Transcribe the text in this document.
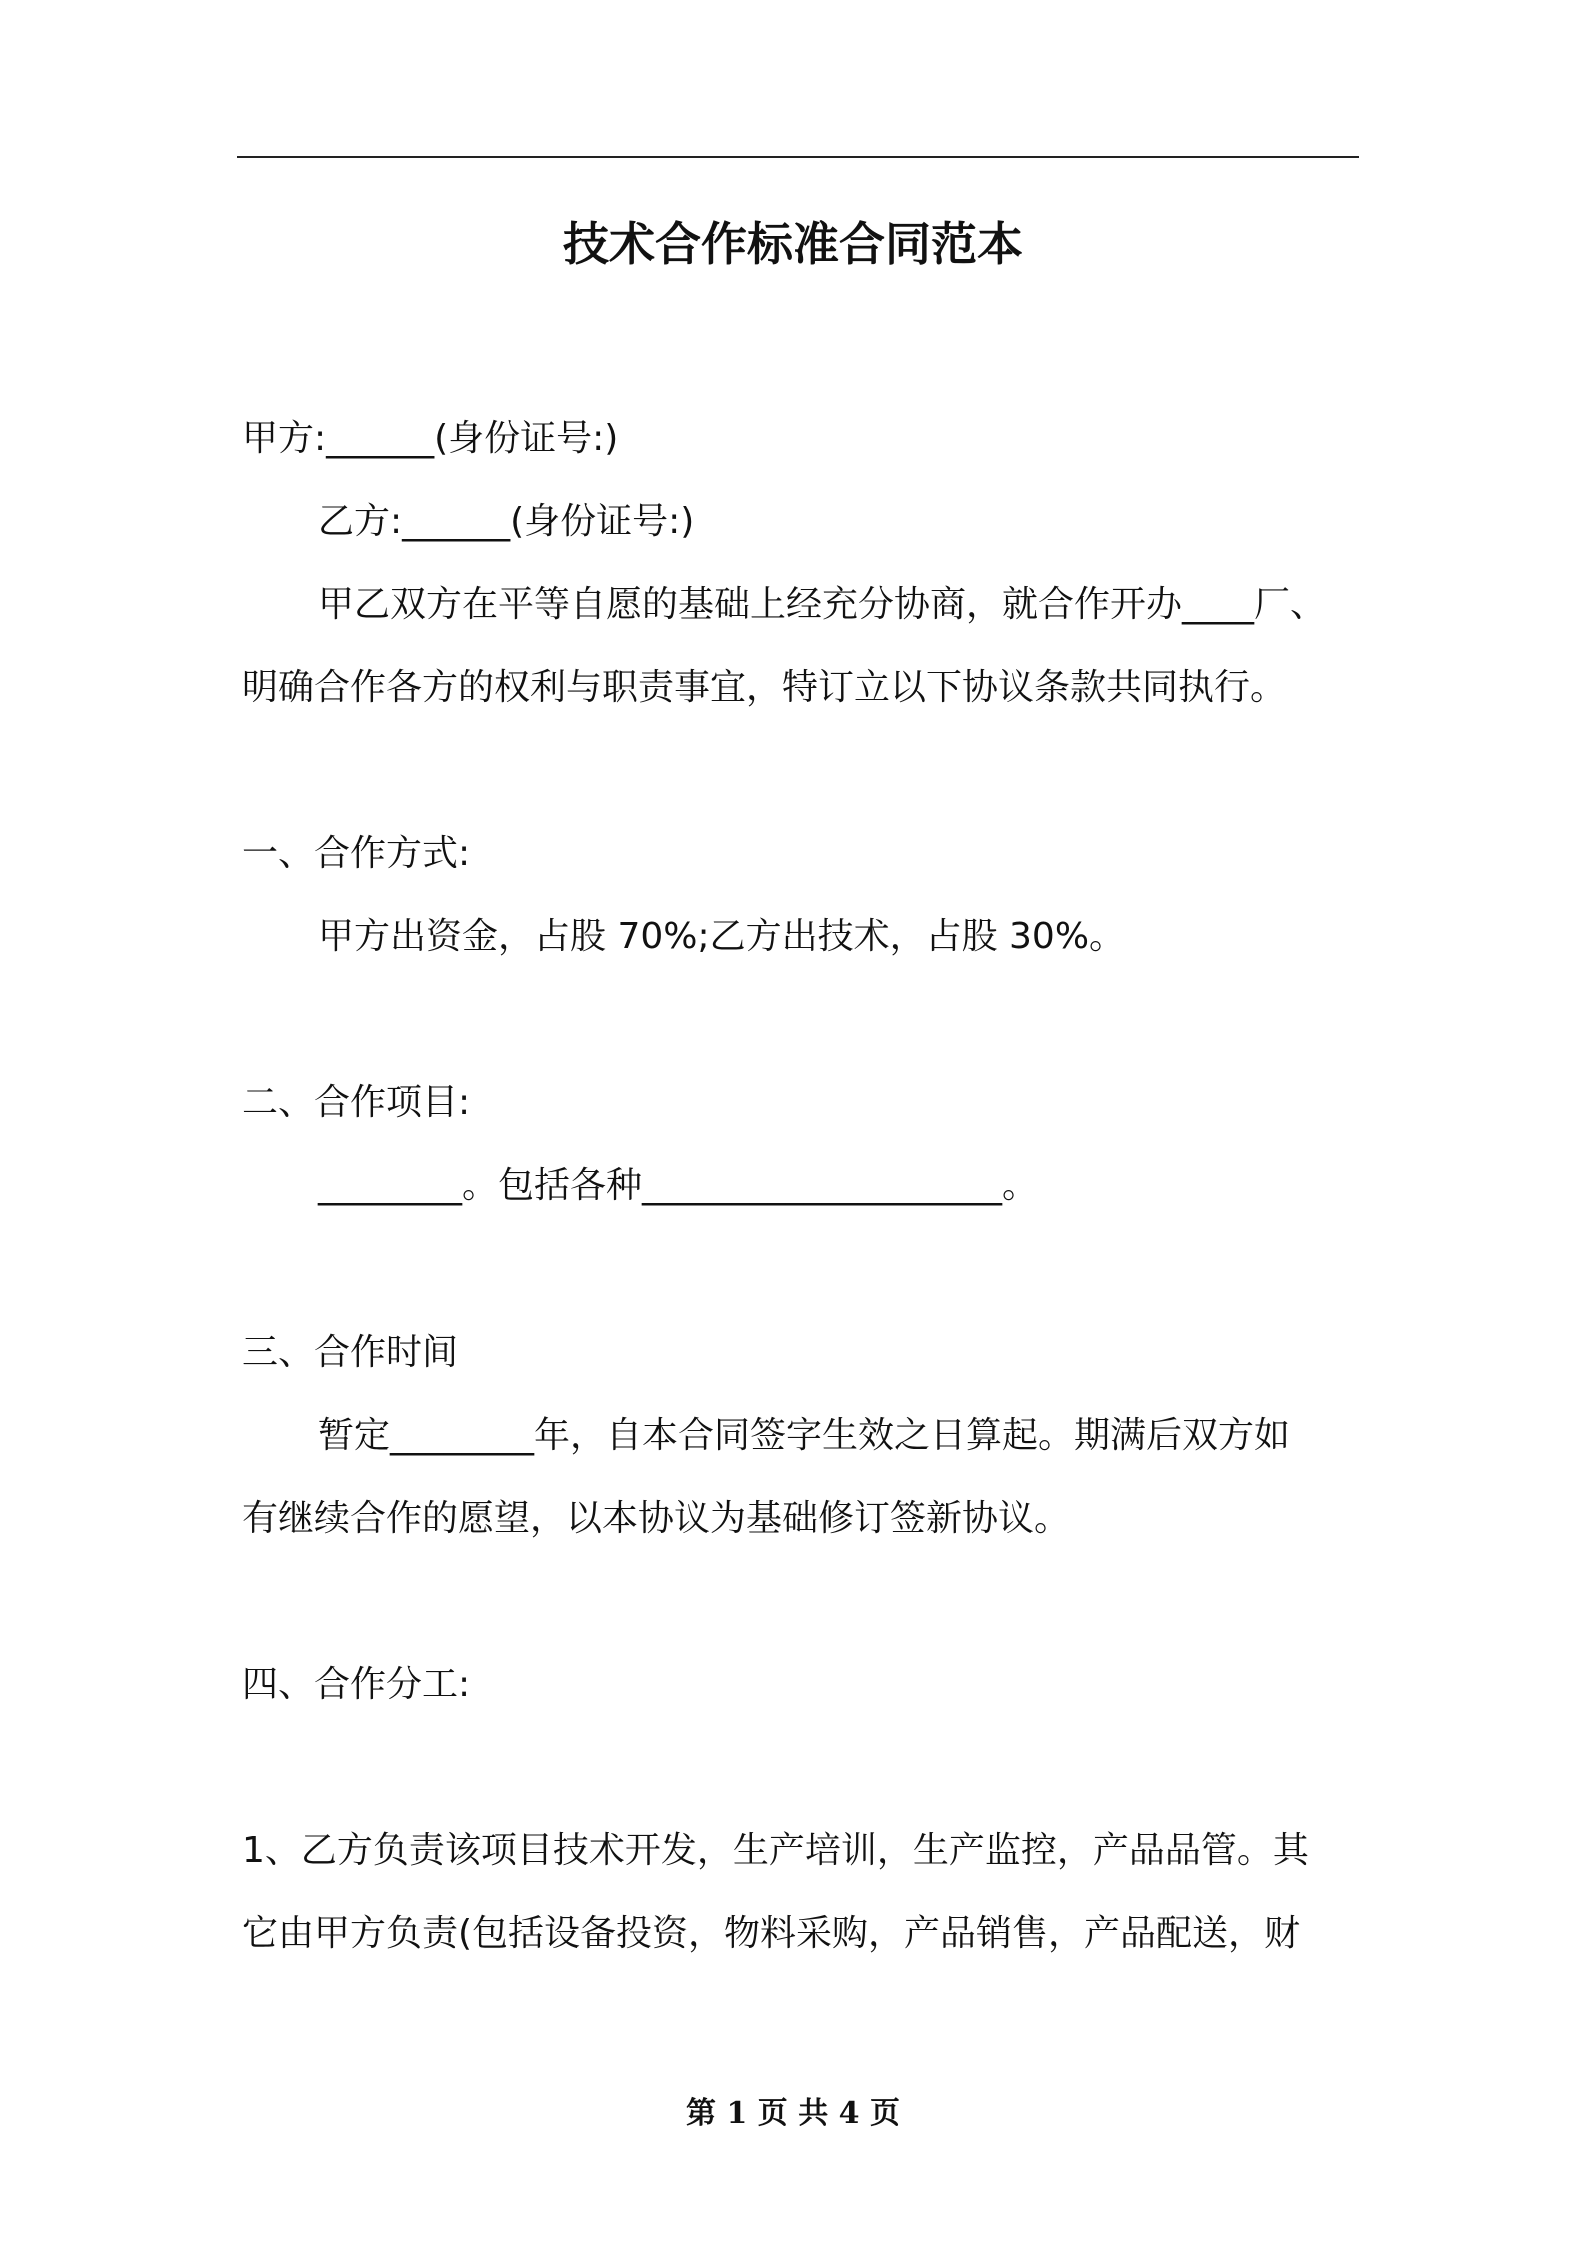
技术合作标准合同范本
甲方:______(身份证号:)
乙方:______(身份证号:)
甲乙双方在平等自愿的基础上经充分协商，就合作开办____厂、
明确合作各方的权利与职责事宜，特订立以下协议条款共同执行。
一、合作方式:
甲方出资金，占股 70%;乙方出技术，占股 30%。
二、合作项目:
________。包括各种____________________。
三、合作时间
暂定________年，自本合同签字生效之日算起。期满后双方如
有继续合作的愿望，以本协议为基础修订签新协议。
四、合作分工:
1、乙方负责该项目技术开发，生产培训，生产监控，产品品管。其
它由甲方负责(包括设备投资，物料采购，产品销售，产品配送，财
第 1 页 共 4 页
